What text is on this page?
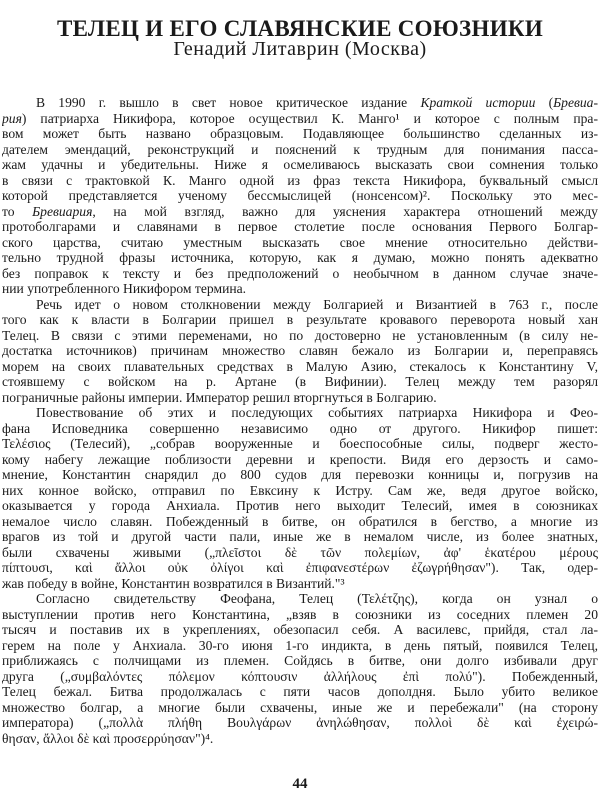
ТЕЛЕЦ И ЕГО СЛАВЯНСКИЕ СОЮЗНИКИ
Генадий Литаврин (Москва)
В 1990 г. вышло в свет новое критическое издание Краткой истории (Бревиа-
рия) патриарха Никифора, которое осуществил К. Манго¹ и которое с полным пра-
вом может быть названо образцовым. Подавляющее большинство сделанных из-
дателем эмендаций, реконструкций и пояснений к трудным для понимания пасса-
жам удачны и убедительны. Ниже я осмеливаюсь высказать свои сомнения только
в связи с трактовкой К. Манго одной из фраз текста Никифора, буквальный смысл
которой представляется ученому бессмыслицей (нонсенсом)². Поскольку это мес-
то Бревиария, на мой взгляд, важно для уяснения характера отношений между
протоболгарами и славянами в первое столетие после основания Первого Болгар-
ского царства, считаю уместным высказать свое мнение относительно действи-
тельно трудной фразы источника, которую, как я думаю, можно понять адекватно
без поправок к тексту и без предположений о необычном в данном случае значе-
нии употребленного Никифором термина.
Речь идет о новом столкновении между Болгарией и Византией в 763 г., после
того как к власти в Болгарии пришел в результате кровавого переворота новый хан
Телец. В связи с этими переменами, но по достоверно не установленным (в силу не-
достатка источников) причинам множество славян бежало из Болгарии и, переправясь
морем на своих плавательных средствах в Малую Азию, стекалось к Константину V,
стоявшему с войском на р. Артане (в Вифинии). Телец между тем разорял
пограничные районы империи. Император решил вторгнуться в Болгарию.
Повествование об этих и последующих событиях патриарха Никифора и Фео-
фана Исповедника совершенно независимо одно от другого. Никифор пишет:
Τελέσιος (Телесий), „собрав вооруженные и боеспособные силы, подверг жесто-
кому набегу лежащие поблизости деревни и крепости. Видя его дерзость и само-
мнение, Константин снарядил до 800 судов для перевозки конницы и, погрузив на
них конное войско, отправил по Евксину к Истру. Сам же, ведя другое войско,
оказывается у города Анхиала. Против него выходит Телесий, имея в союзниках
немалое число славян. Побежденный в битве, он обратился в бегство, а многие из
врагов из той и другой части пали, иные же в немалом числе, из более знатных,
были схвачены живыми („πλεῖστοι δὲ τῶν πολεμίων, ἀφ' ἑκατέρου μέρους
πίπτουσι, καὶ ἄλλοι οὐκ ὀλίγοι καὶ ἐπιφανεστέρων ἐζωγρήθησαν"). Так, одер-
жав победу в войне, Константин возвратился в Византий."³
Согласно свидетельству Феофана, Телец (Τελέτζης), когда он узнал о
выступлении против него Константина, „взяв в союзники из соседних племен 20
тысяч и поставив их в укреплениях, обезопасил себя. А василевс, прийдя, стал ла-
герем на поле у Анхиала. 30-го июня 1-го индикта, в день пятый, появился Телец,
приближаясь с полчищами из племен. Сойдясь в битве, они долго избивали друг
друга („συμβαλόντες πόλεμον κόπτουσιν ἀλλήλους ἐπὶ πολύ"). Побежденный,
Телец бежал. Битва продолжалась с пяти часов дополдня. Было убито великое
множество болгар, а многие были схвачены, иные же и перебежали" (на сторону
императора) („πολλὰ πλήθη Βουλγάρων ἀνηλώθησαν, πολλοὶ δὲ καὶ ἐχειρώ-
θησαν, ἄλλοι δὲ καὶ προσερρύησαν")⁴.
44
